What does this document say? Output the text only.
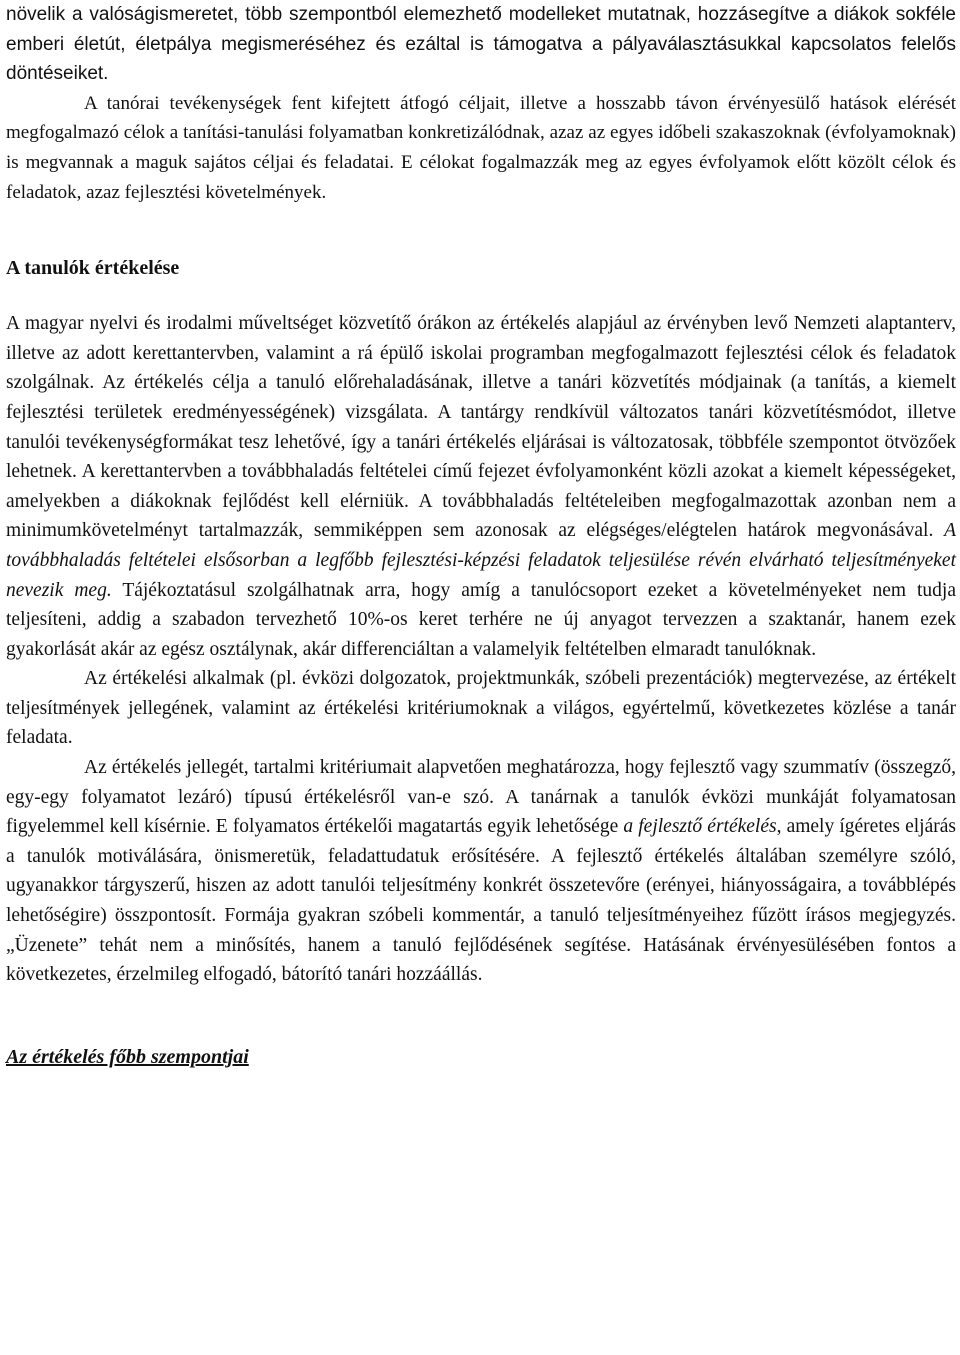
növelik a valóságismeretet, több szempontból elemezhető modelleket mutatnak, hozzásegítve a diákok sokféle emberi életút, életpálya megismeréséhez és ezáltal is támogatva a pályaválasztásukkal kapcsolatos felelős döntéseiket.

A tanórai tevékenységek fent kifejtett átfogó céljait, illetve a hosszabb távon érvényesülő hatások elérését megfogalmazó célok a tanítási-tanulási folyamatban konkretizálódnak, azaz az egyes időbeli szakaszoknak (évfolyamoknak) is megvannak a maguk sajátos céljai és feladatai. E célokat fogalmazzák meg az egyes évfolyamok előtt közölt célok és feladatok, azaz fejlesztési követelmények.

A tanulók értékelése

A magyar nyelvi és irodalmi műveltséget közvetítő órákon az értékelés alapjául az érvényben levő Nemzeti alaptanterv, illetve az adott kerettantervben, valamint a rá épülő iskolai programban megfogalmazott fejlesztési célok és feladatok szolgálnak. Az értékelés célja a tanuló előrehaladásának, illetve a tanári közvetítés módjainak (a tanítás, a kiemelt fejlesztési területek eredményességének) vizsgálata. A tantárgy rendkívül változatos tanári közvetítésmódot, illetve tanulói tevékenységformákat tesz lehetővé, így a tanári értékelés eljárásai is változatosak, többféle szempontot ötvözőek lehetnek. A kerettantervben a továbbhaladás feltételei című fejezet évfolyamonként közli azokat a kiemelt képességeket, amelyekben a diákoknak fejlődést kell elérniük. A továbbhaladás feltételeiben megfogalmazottak azonban nem a minimumkövetelményt tartalmazzák, semmiképpen sem azonosak az elégséges/elégtelen határok megvonásával. A továbbhaladás feltételei elsősorban a legfőbb fejlesztési-képzési feladatok teljesülése révén elvárható teljesítményeket nevezik meg. Tájékoztatásul szolgálhatnak arra, hogy amíg a tanulócsoport ezeket a követelményeket nem tudja teljesíteni, addig a szabadon tervezhető 10%-os keret terhére ne új anyagot tervezzen a szaktanár, hanem ezek gyakorlását akár az egész osztálynak, akár differenciáltan a valamelyik feltételben elmaradt tanulóknak.

Az értékelési alkalmak (pl. évközi dolgozatok, projektmunkák, szóbeli prezentációk) megtervezése, az értékelt teljesítmények jellegének, valamint az értékelési kritériumoknak a világos, egyértelmű, következetes közlése a tanár feladata.

Az értékelés jellegét, tartalmi kritériumait alapvetően meghatározza, hogy fejlesztő vagy szummatív (összegző, egy-egy folyamatot lezáró) típusú értékelésről van-e szó. A tanárnak a tanulók évközi munkáját folyamatosan figyelemmel kell kísérnie. E folyamatos értékelői magatartás egyik lehetősége a fejlesztő értékelés, amely ígéretes eljárás a tanulók motiválására, önismeretük, feladattudatuk erősítésére. A fejlesztő értékelés általában személyre szóló, ugyanakkor tárgyszerű, hiszen az adott tanulói teljesítmény konkrét összetevőre (erényei, hiányosságaira, a továbblépés lehetőségire) összpontosít. Formája gyakran szóbeli kommentár, a tanuló teljesítményeihez fűzött írásos megjegyzés. „Üzenete” tehát nem a minősítés, hanem a tanuló fejlődésének segítése. Hatásának érvényesülésében fontos a következetes, érzelmileg elfogadó, bátorító tanári hozzáállás.

Az értékelés főbb szempontjai
